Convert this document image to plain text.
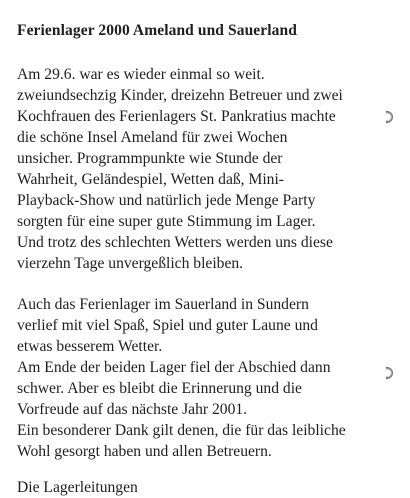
Ferienlager 2000 Ameland und Sauerland
Am 29.6. war es wieder einmal so weit.
zweiundsechzig Kinder, dreizehn Betreuer und zwei
Kochfrauen des Ferienlagers St. Pankratius machte
die schöne Insel Ameland für zwei Wochen
unsicher. Programmpunkte wie Stunde der
Wahrheit, Geländespiel, Wetten daß, Mini-
Playback-Show und natürlich jede Menge Party
sorgten für eine super gute Stimmung im Lager.
Und trotz des schlechten Wetters werden uns diese
vierzehn Tage unvergeßlich bleiben.
Auch das Ferienlager im Sauerland in Sundern
verlief mit viel Spaß, Spiel und guter Laune und
etwas besserem Wetter.
Am Ende der beiden Lager fiel der Abschied dann
schwer. Aber es bleibt die Erinnerung und die
Vorfreude auf das nächste Jahr 2001.
Ein besonderer Dank gilt denen, die für das leibliche
Wohl gesorgt haben und allen Betreuern.
Die Lagerleitungen
